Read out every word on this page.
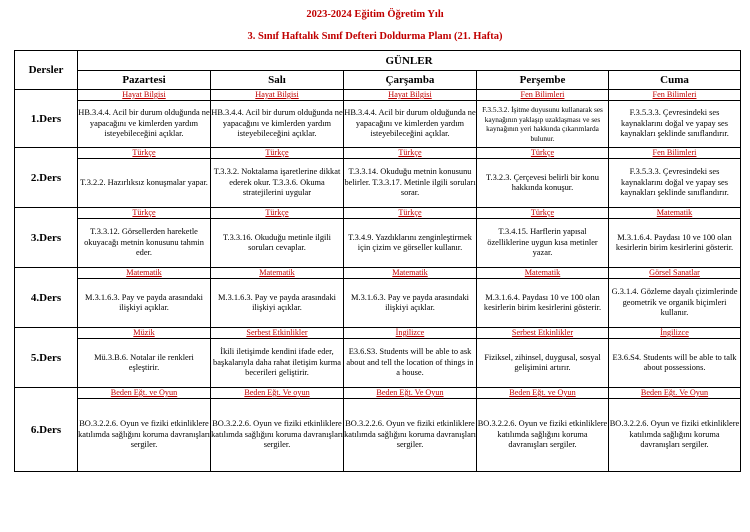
2023-2024 Eğitim Öğretim Yılı
3. Sınıf Haftalık Sınıf Defteri Doldurma Planı (21. Hafta)
Dersler	GÜNLER				
	Pazartesi	Salı	Çarşamba	Perşembe	Cuma
1.Ders	Hayat Bilgisi	Hayat Bilgisi	Hayat Bilgisi	Fen Bilimleri	Fen Bilimleri
	HB.3.4.4. Acil bir durum olduğunda ne yapacağını ve kimlerden yardım isteyebileceğini açıklar.	HB.3.4.4. Acil bir durum olduğunda ne yapacağını ve kimlerden yardım isteyebileceğini açıklar.	HB.3.4.4. Acil bir durum olduğunda ne yapacağını ve kimlerden yardım isteyebileceğini açıklar.	F.3.5.3.2. İşitme duyusunu kullanarak ses kaynağının yaklaşıp uzaklaşması ve ses kaynağının yeri hakkında çıkarımlarda bulunur.	F.3.5.3.3. Çevresindeki ses kaynaklarını doğal ve yapay ses kaynakları şeklinde sınıflandırır.
2.Ders	Türkçe	Türkçe	Türkçe	Türkçe	Fen Bilimleri
	T.3.2.2. Hazırlıksız konuşmalar yapar.	T.3.3.2. Noktalama işaretlerine dikkat ederek okur. T.3.3.6. Okuma stratejilerini uygular	T.3.3.14. Okuduğu metnin konusunu belirler. T.3.3.17. Metinle ilgili soruları sorar.	T.3.2.3. Çerçevesi belirli bir konu hakkında konuşur.	F.3.5.3.3. Çevresindeki ses kaynaklarını doğal ve yapay ses kaynakları şeklinde sınıflandırır.
3.Ders	Türkçe	Türkçe	Türkçe	Türkçe	Matematik
	T.3.3.12. Görsellerden hareketle okuyacağı metnin konusunu tahmin eder.	T.3.3.16. Okuduğu metinle ilgili soruları cevaplar.	T.3.4.9. Yazdıklarını zenginleştirmek için çizim ve görseller kullanır.	T.3.4.15. Harflerin yapısal özelliklerine uygun kısa metinler yazar.	M.3.1.6.4. Paydası 10 ve 100 olan kesirlerin birim kesirlerini gösterir.
4.Ders	Matematik	Matematik	Matematik	Matematik	Görsel Sanatlar
	M.3.1.6.3. Pay ve payda arasındaki ilişkiyi açıklar.	M.3.1.6.3. Pay ve payda arasındaki ilişkiyi açıklar.	M.3.1.6.3. Pay ve payda arasındaki ilişkiyi açıklar.	M.3.1.6.4. Paydası 10 ve 100 olan kesirlerin birim kesirlerini gösterir.	G.3.1.4. Gözleme dayalı çizimlerinde geometrik ve organik biçimleri kullanır.
5.Ders	Müzik	Serbest Etkinlikler	İngilizce	Serbest Etkinlikler	İngilizce
	Mü.3.B.6. Notalar ile renkleri eşleştirir.	İkili iletişimde kendini ifade eder, başkalarıyla daha rahat iletişim kurma becerileri geliştirir.	E3.6.S3. Students will be able to ask about and tell the location of things in a house.	Fiziksel, zihinsel, duygusal, sosyal gelişimini artırır.	E3.6.S4. Students will be able to talk about possessions.
6.Ders	Beden Eğt. ve Oyun	Beden Eğt. Ve oyun	Beden Eğt. Ve Oyun	Beden Eğt. ve Oyun	Beden Eğt. Ve Oyun
	BO.3.2.2.6. Oyun ve fiziki etkinliklere katılımda sağlığını koruma davranışları sergiler.	BO.3.2.2.6. Oyun ve fiziki etkinliklere katılımda sağlığını koruma davranışları sergiler.	BO.3.2.2.6. Oyun ve fiziki etkinliklere katılımda sağlığını koruma davranışları sergiler.	BO.3.2.2.6. Oyun ve fiziki etkinliklere katılımda sağlığını koruma davranışları sergiler.	BO.3.2.2.6. Oyun ve fiziki etkinliklere katılımda sağlığını koruma davranışları sergiler.
